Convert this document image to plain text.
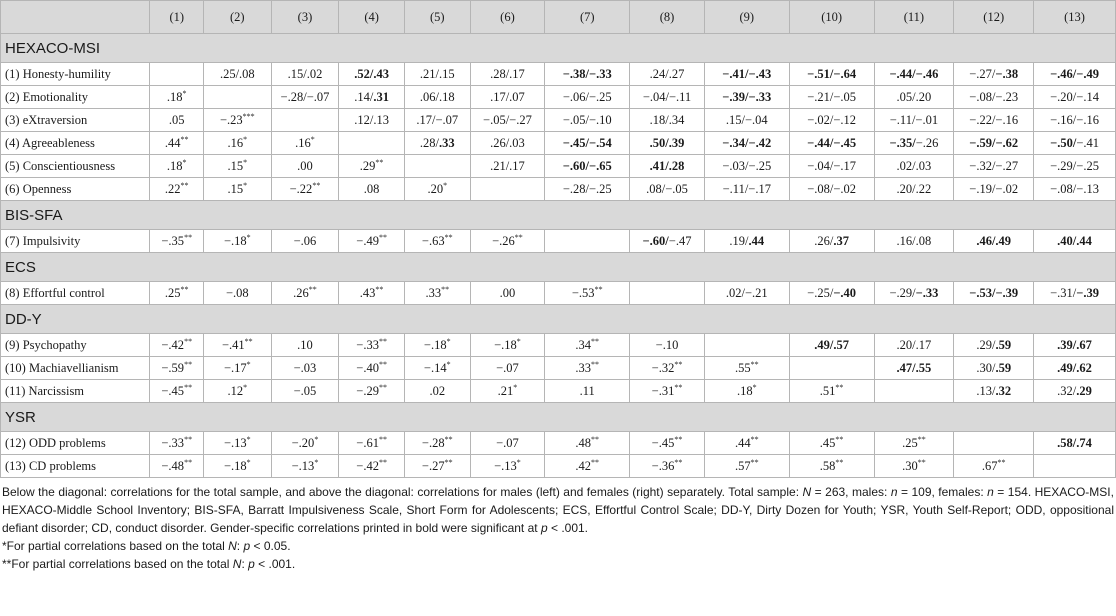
	(1)	(2)	(3)	(4)	(5)	(6)	(7)	(8)	(9)	(10)	(11)	(12)	(13)
HEXACO-MSI													
(1) Honesty-humility		.25/.08	.15/.02	.52/.43	.21/.15	.28/.17	−.38/−.33	.24/.27	−.41/−.43	−.51/−.64	−.44/−.46	−.27/−.38	−.46/−.49
(2) Emotionality	.18*		−.28/−.07	.14/.31	.06/.18	.17/.07	−.06/−.25	−.04/−.11	−.39/−.33	−.21/−.05	.05/.20	−.08/−.23	−.20/−.14
(3) eXtraversion	.05	−.23***		.12/.13	.17/−.07	−.05/−.27	−.05/−.10	.18/.34	.15/−.04	−.02/−.12	−.11/−.01	−.22/−.16	−.16/−.16
(4) Agreeableness	.44**	.16*	.16*		.28/.33	.26/.03	−.45/−.54	.50/.39	−.34/−.42	−.44/−.45	−.35/−.26	−.59/−.62	−.50/−.41
(5) Conscientiousness	.18*	.15*	.00	.29**		.21/.17	−.60/−.65	.41/.28	−.03/−.25	−.04/−.17	.02/.03	−.32/−.27	−.29/−.25
(6) Openness	.22**	.15*	−.22**	.08	.20*		−.28/−.25	.08/−.05	−.11/−.17	−.08/−.02	.20/.22	−.19/−.02	−.08/−.13
BIS-SFA													
(7) Impulsivity	−.35**	−.18*	−.06	−.49**	−.63**	−.26**		−.60/−.47	.19/.44	.26/.37	.16/.08	.46/.49	.40/.44
ECS													
(8) Effortful control	.25**	−.08	.26**	.43**	.33**	.00	−.53**		.02/−.21	−.25/−.40	−.29/−.33	−.53/−.39	−.31/−.39
DD-Y													
(9) Psychopathy	−.42**	−.41**	.10	−.33**	−.18*	−.18*	.34**	−.10		.49/.57	.20/.17	.29/.59	.39/.67
(10) Machiavellianism	−.59**	−.17*	−.03	−.40**	−.14*	−.07	.33**	−.32**	.55**		.47/.55	.30/.59	.49/.62
(11) Narcissism	−.45**	.12*	−.05	−.29**	.02	.21*	.11	−.31**	.18*	.51**		.13/.32	.32/.29
YSR													
(12) ODD problems	−.33**	−.13*	−.20*	−.61**	−.28**	−.07	.48**	−.45**	.44**	.45**	.25**		.58/.74
(13) CD problems	−.48**	−.18*	−.13*	−.42**	−.27**	−.13*	.42**	−.36**	.57**	.58**	.30**	.67**	

Below the diagonal: correlations for the total sample, and above the diagonal: correlations for males (left) and females (right) separately. Total sample: N = 263, males: n = 109, females: n = 154. HEXACO-MSI, HEXACO-Middle School Inventory; BIS-SFA, Barratt Impulsiveness Scale, Short Form for Adolescents; ECS, Effortful Control Scale; DD-Y, Dirty Dozen for Youth; YSR, Youth Self-Report; ODD, oppositional defiant disorder; CD, conduct disorder. Gender-specific correlations printed in bold were significant at p < .001.

*For partial correlations based on the total N: p < 0.05.

**For partial correlations based on the total N: p < .001.
